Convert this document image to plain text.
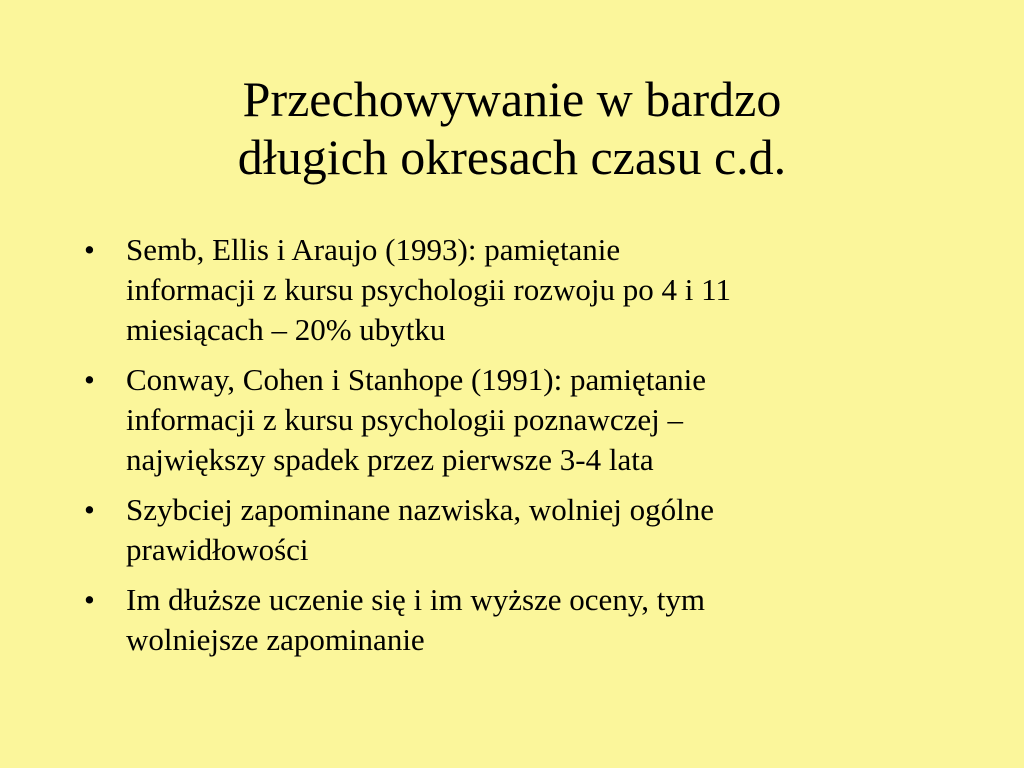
Przechowywanie w bardzo
długich okresach czasu c.d.
•	Semb, Ellis i Araujo (1993): pamiętanie
informacji z kursu psychologii rozwoju po 4 i 11
miesiącach – 20% ubytku
•	Conway, Cohen i Stanhope (1991): pamiętanie
informacji z kursu psychologii poznawczej –
największy spadek przez pierwsze 3-4 lata
•	Szybciej zapominane nazwiska, wolniej ogólne
prawidłowości
•	Im dłuższe uczenie się i im wyższe oceny, tym
wolniejsze zapominanie
